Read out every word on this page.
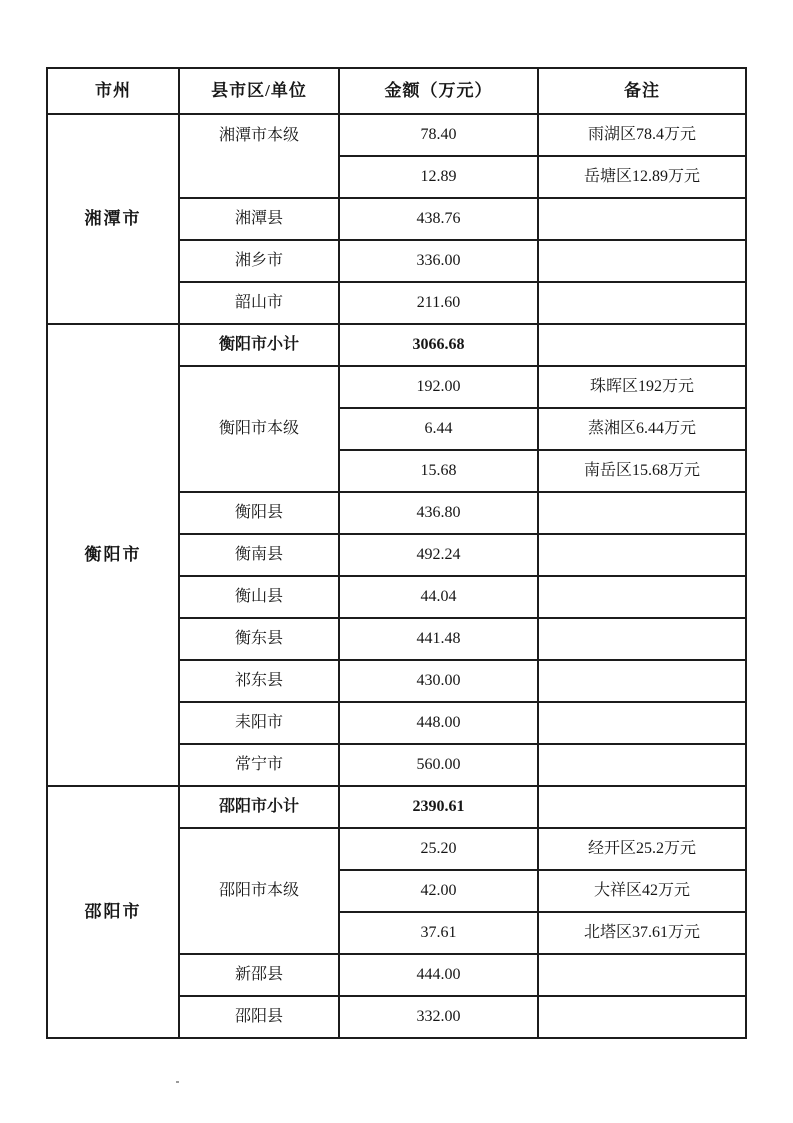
市州	县市区/单位	金额（万元）	备注
湘潭市	湘潭市本级	78.40	雨湖区78.4万元
		12.89	岳塘区12.89万元
	湘潭县	438.76	
	湘乡市	336.00	
	韶山市	211.60	
衡阳市	衡阳市小计	3066.68	
	衡阳市本级	192.00	珠晖区192万元
		6.44	蒸湘区6.44万元
		15.68	南岳区15.68万元
	衡阳县	436.80	
	衡南县	492.24	
	衡山县	44.04	
	衡东县	441.48	
	祁东县	430.00	
	耒阳市	448.00	
	常宁市	560.00	
邵阳市	邵阳市小计	2390.61	
	邵阳市本级	25.20	经开区25.2万元
		42.00	大祥区42万元
		37.61	北塔区37.61万元
	新邵县	444.00	
	邵阳县	332.00	
